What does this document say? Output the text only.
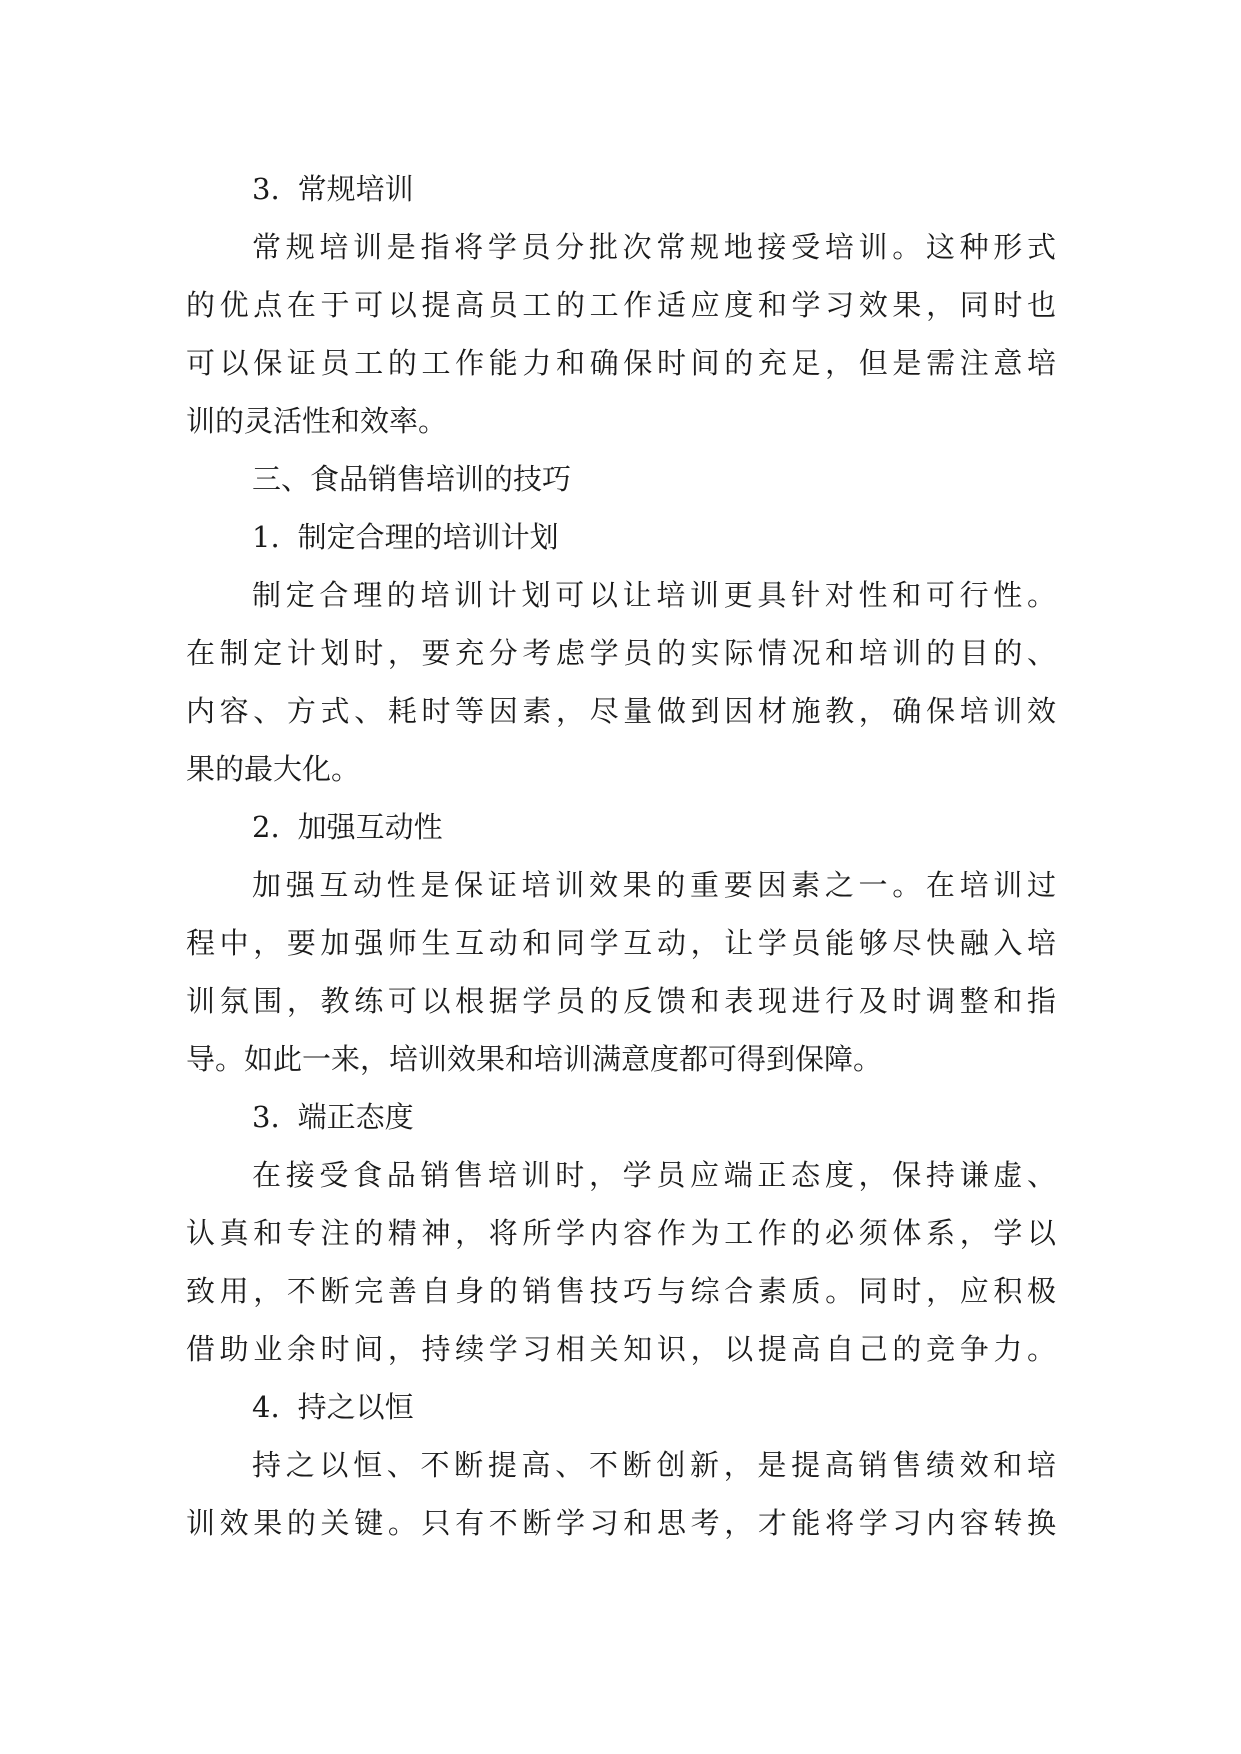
3. 常规培训
常规培训是指将学员分批次常规地接受培训。这种形式
的优点在于可以提高员工的工作适应度和学习效果，同时也
可以保证员工的工作能力和确保时间的充足，但是需注意培
训的灵活性和效率。
三、食品销售培训的技巧
1. 制定合理的培训计划
制定合理的培训计划可以让培训更具针对性和可行性。
在制定计划时，要充分考虑学员的实际情况和培训的目的、
内容、方式、耗时等因素，尽量做到因材施教，确保培训效
果的最大化。
2. 加强互动性
加强互动性是保证培训效果的重要因素之一。在培训过
程中，要加强师生互动和同学互动，让学员能够尽快融入培
训氛围，教练可以根据学员的反馈和表现进行及时调整和指
导。如此一来，培训效果和培训满意度都可得到保障。
3. 端正态度
在接受食品销售培训时，学员应端正态度，保持谦虚、
认真和专注的精神，将所学内容作为工作的必须体系，学以
致用，不断完善自身的销售技巧与综合素质。同时，应积极
借助业余时间，持续学习相关知识，以提高自己的竞争力。
4. 持之以恒
持之以恒、不断提高、不断创新，是提高销售绩效和培
训效果的关键。只有不断学习和思考，才能将学习内容转换
